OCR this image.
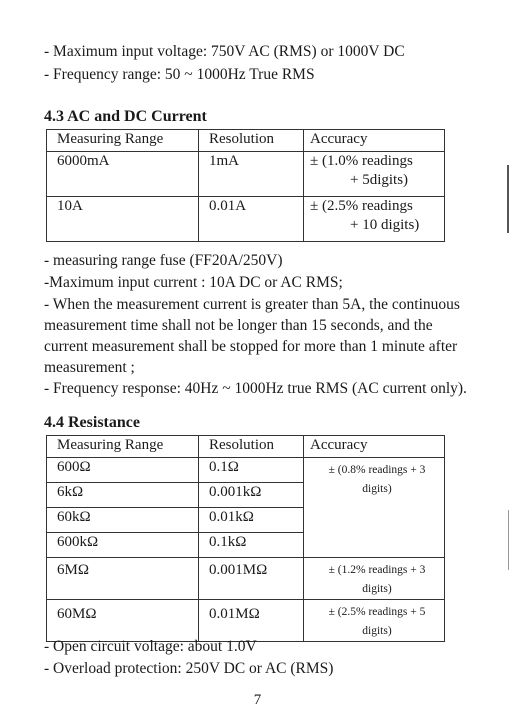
- Maximum input voltage: 750V AC (RMS) or 1000V DC
- Frequency range: 50 ~ 1000Hz True RMS
4.3 AC and DC Current
Measuring Range	Resolution	Accuracy
6000mA	1mA	± (1.0% readings
+ 5digits)

10A	0.01A	± (2.5% readings
+ 10 digits)
- measuring range fuse (FF20A/250V)
-Maximum input current : 10A DC or AC RMS;
- When the measurement current is greater than 5A, the continuous
measurement time shall not be longer than 15 seconds, and the
current measurement shall be stopped for more than 1 minute after
measurement ;
- Frequency response: 40Hz ~ 1000Hz true RMS (AC current only).
4.4 Resistance
Measuring Range	Resolution	Accuracy
600Ω	0.1Ω	± (0.8% readings + 3
digits)

6kΩ	0.001kΩ	
60kΩ	0.01kΩ	
600kΩ	0.1kΩ	
6MΩ	0.001MΩ	± (1.2% readings + 3
digits)

60MΩ	0.01MΩ	± (2.5% readings + 5
digits)
- Open circuit voltage: about 1.0V
- Overload protection: 250V DC or AC (RMS)
7
